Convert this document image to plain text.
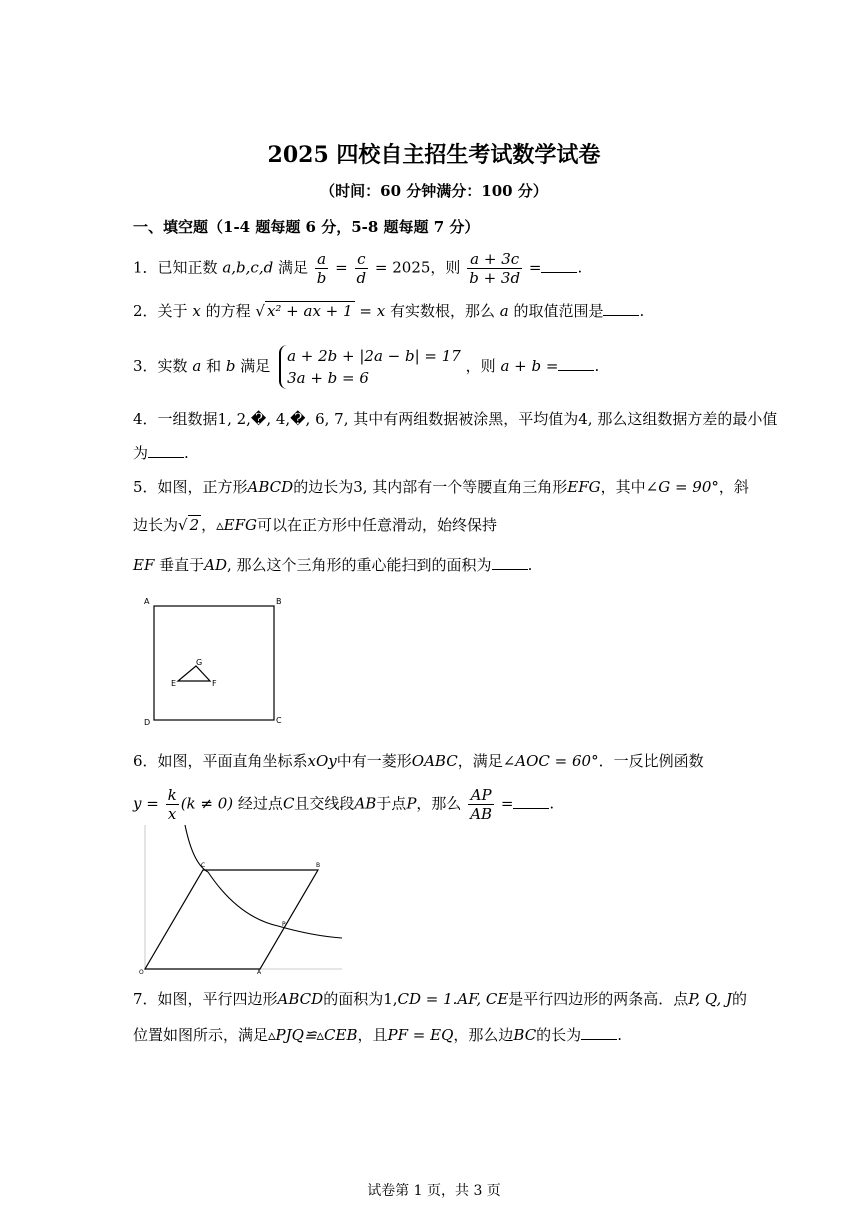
2025 四校自主招生考试数学试卷
（时间：60 分钟满分：100 分）
一、填空题（1-4 题每题 6 分，5-8 题每题 7 分）
1．已知正数 a,b,c,d 满足 $\frac{a}{b} = \frac{c}{d} = 2025$，则 $\frac{a + 3c}{b + 3d}$ = .
2．关于 x 的方程 √ x² + ax + 1 = x 有实数根，那么 a 的取值范围是 .
3．实数 a 和 b 满足
a + 2b + |2a − b| = 17
3a + b = 6
，则 a + b = .
4．一组数据1, 2,�, 4,�, 6, 7, 其中有两组数据被涂黑，平均值为4, 那么这组数据方差的最小值
为 .
5．如图，正方形ABCD的边长为3, 其内部有一个等腰直角三角形EFG，其中∠G = 90°，斜
边长为√ 2 ，▵EFG可以在正方形中任意滑动，始终保持
EF 垂直于AD, 那么这个三角形的重心能扫到的面积为 .
A	B
C
D
E	F
G
6．如图，平面直角坐标系xOy中有一菱形OABC，满足∠AOC = 60°．一反比例函数
$y = \frac{k}{x} (k \ne 0)$ 经过点C且交线段AB于点P，那么 $\frac{AP}{AB}$ = .
C	B
P
O	A
7．如图，平行四边形ABCD的面积为1,CD = 1.AF, CE是平行四边形的两条高．点P, Q, J的
位置如图所示，满足▵PJQ≌▵CEB，且PF = EQ，那么边BC的长为 .
试卷第 1 页，共 3 页
